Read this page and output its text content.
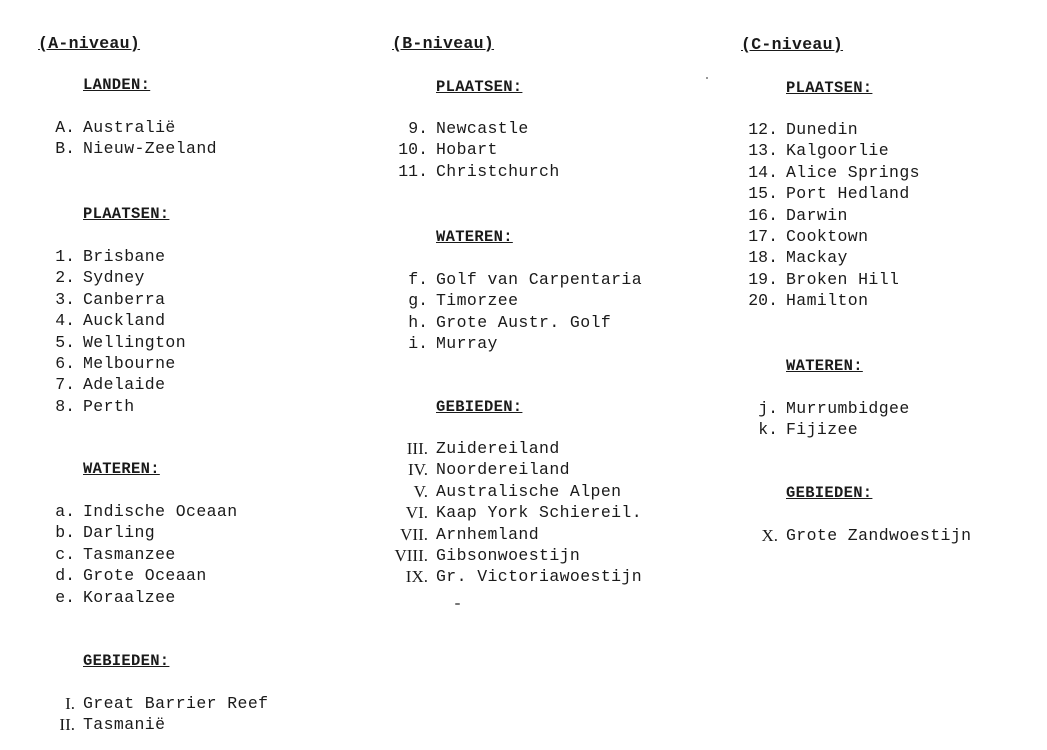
(A-niveau)
LANDEN:
A. Australië
B. Nieuw-Zeeland
PLAATSEN:
1. Brisbane
2. Sydney
3. Canberra
4. Auckland
5. Wellington
6. Melbourne
7. Adelaide
8. Perth
WATEREN:
a. Indische Oceaan
b. Darling
c. Tasmanzee
d. Grote Oceaan
e. Koraalzee
GEBIEDEN:
I. Great Barrier Reef
II. Tasmanië
(B-niveau)
PLAATSEN:
9. Newcastle
10. Hobart
11. Christchurch
WATEREN:
f. Golf van Carpentaria
g. Timorzee
h. Grote Austr. Golf
i. Murray
GEBIEDEN:
III. Zuidereiland
IV. Noordereiland
V. Australische Alpen
VI. Kaap York Schiereil.
VII. Arnhemland
VIII. Gibsonwoestijn
IX. Gr. Victoriawoestijn
(C-niveau)
PLAATSEN:
12. Dunedin
13. Kalgoorlie
14. Alice Springs
15. Port Hedland
16. Darwin
17. Cooktown
18. Mackay
19. Broken Hill
20. Hamilton
WATEREN:
j. Murrumbidgee
k. Fijizee
GEBIEDEN:
X. Grote Zandwoestijn
